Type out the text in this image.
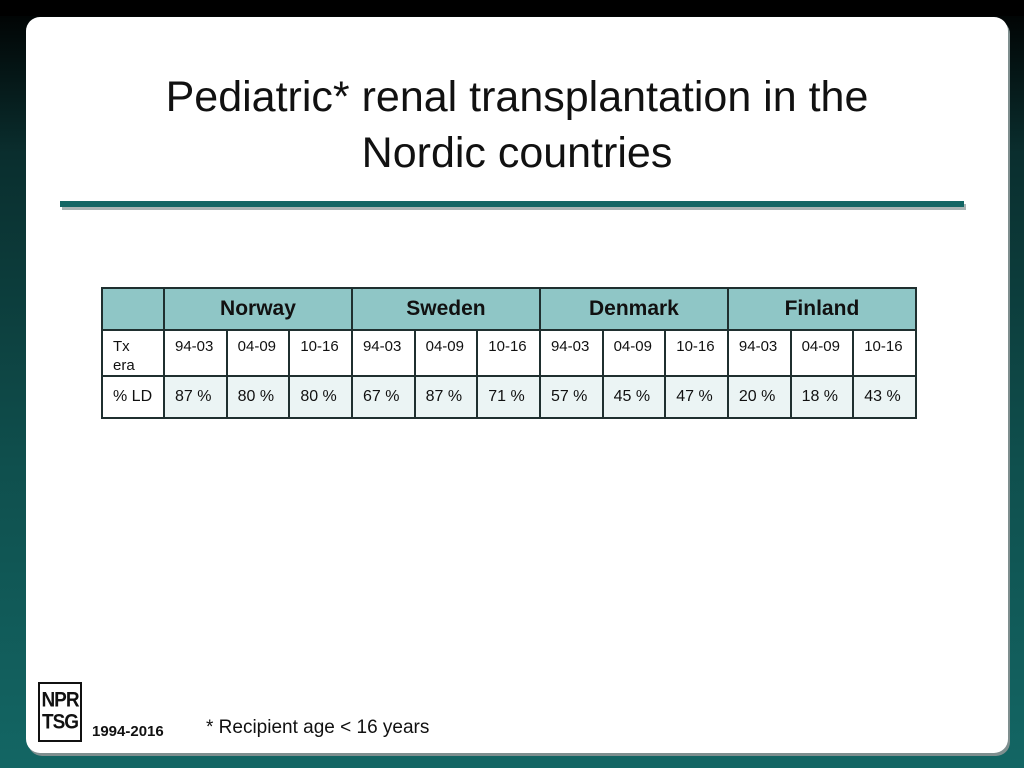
Pediatric* renal transplantation in the
Nordic countries
	Norway			Sweden			Denmark			Finland		
Tx
era	94-03	04-09	10-16	94-03	04-09	10-16	94-03	04-09	10-16	94-03	04-09	10-16
% LD	87 %	80 %	80 %	67 %	87 %	71 %	57 %	45 %	47 %	20 %	18 %	43 %
NPR
TSG 1994-2016 * Recipient age < 16 years
